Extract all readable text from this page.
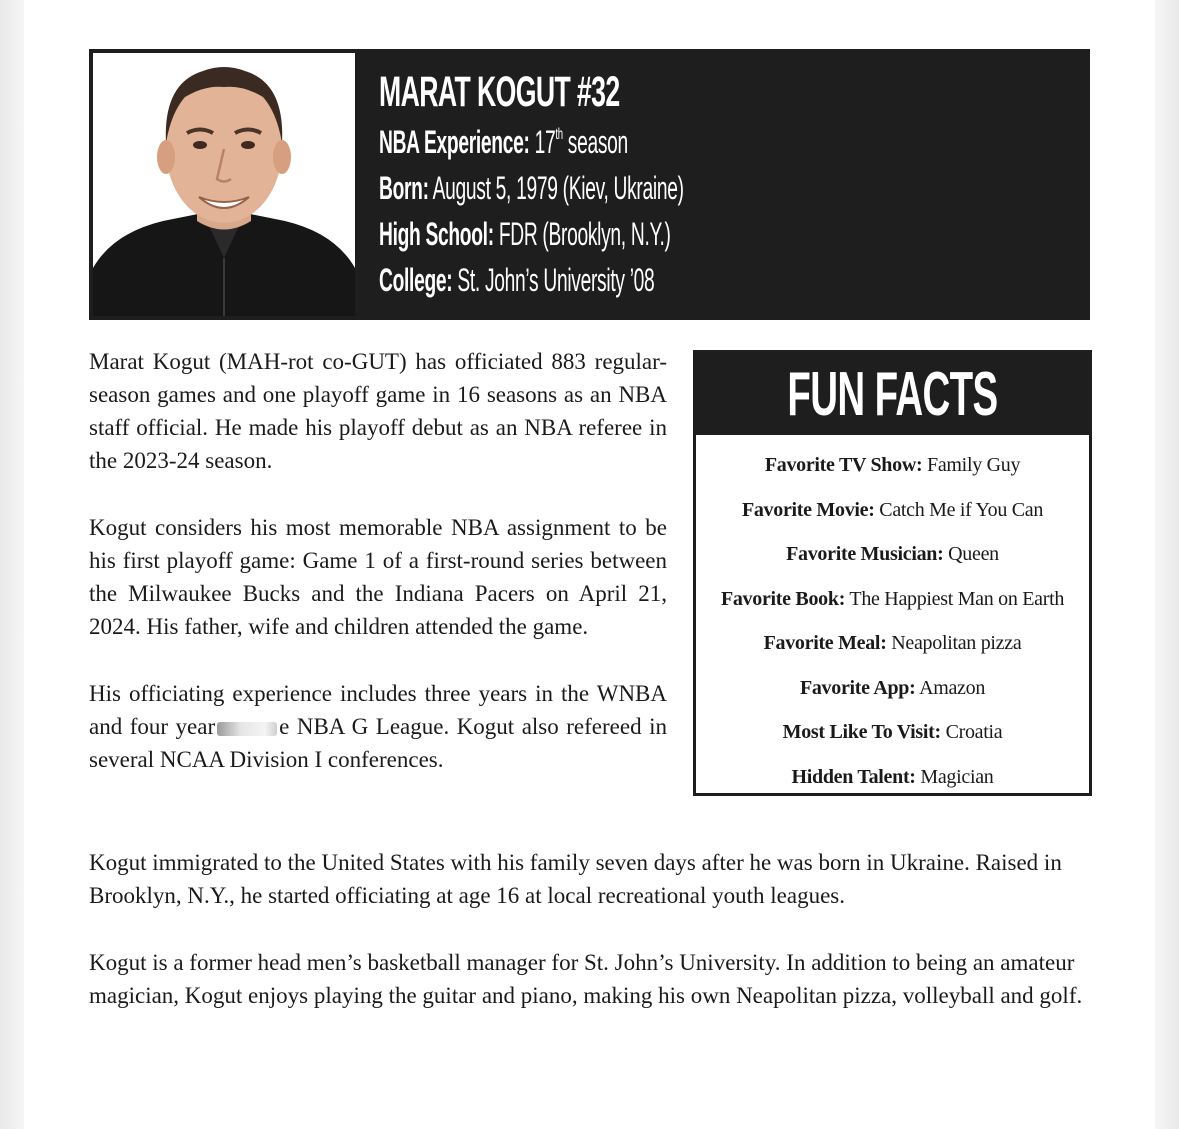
MARAT KOGUT #32
NBA Experience: 17th season
Born: August 5, 1979 (Kiev, Ukraine)
High School: FDR (Brooklyn, N.Y.)
College: St. John’s University ’08

Marat Kogut (MAH-rot co-GUT) has officiated 883 regular-season games and one playoff game in 16 seasons as an NBA staff official. He made his playoff debut as an NBA referee in the 2023-24 season.

Kogut considers his most memorable NBA assignment to be his first playoff game: Game 1 of a first-round series between the Milwaukee Bucks and the Indiana Pacers on April 21, 2024. His father, wife and children attended the game.

His officiating experience includes three years in the WNBA and four year	e NBA G League. Kogut also refereed in several NCAA Division I conferences.

FUN FACTS
Favorite TV Show: Family Guy
Favorite Movie: Catch Me if You Can
Favorite Musician: Queen
Favorite Book: The Happiest Man on Earth
Favorite Meal: Neapolitan pizza
Favorite App: Amazon
Most Like To Visit: Croatia
Hidden Talent: Magician

Kogut immigrated to the United States with his family seven days after he was born in Ukraine. Raised in Brooklyn, N.Y., he started officiating at age 16 at local recreational youth leagues.

Kogut is a former head men’s basketball manager for St. John’s University. In addition to being an amateur magician, Kogut enjoys playing the guitar and piano, making his own Neapolitan pizza, volleyball and golf.
